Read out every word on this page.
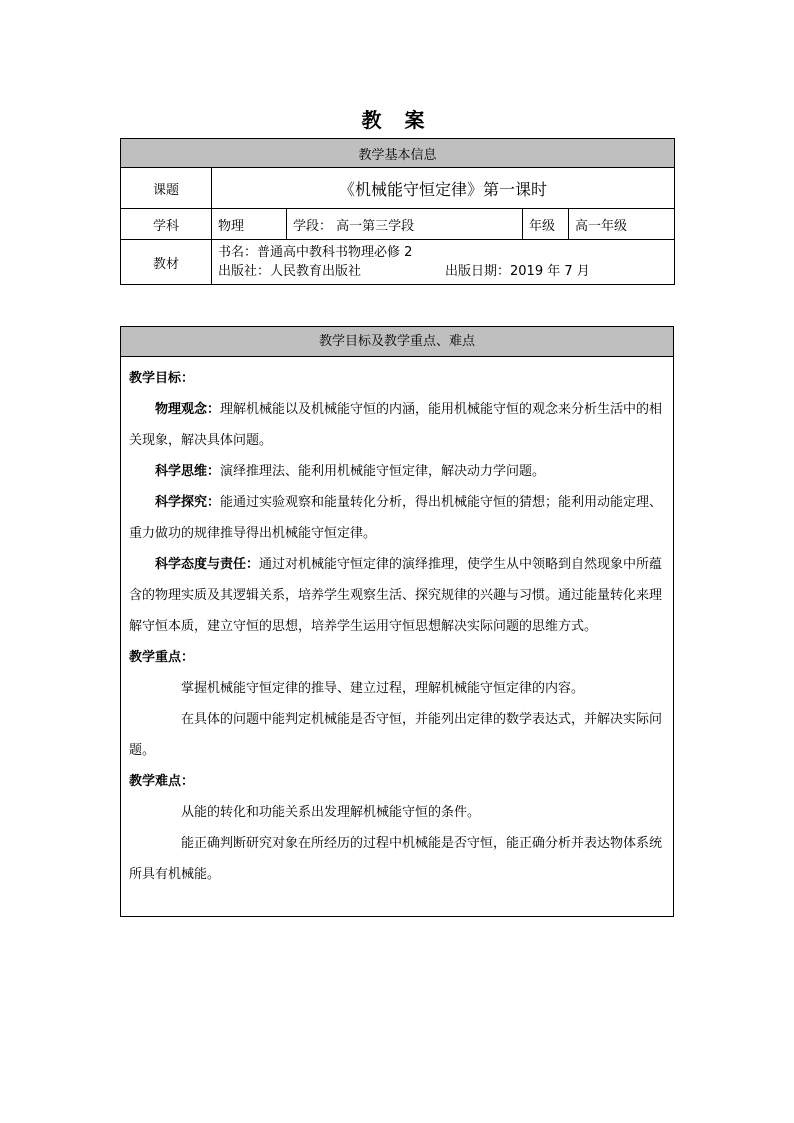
教 案
教学基本信息				
课题	《机械能守恒定律》第一课时			
学科	物理	学段： 高一第三学段	年级	高一年级
教材	书名：普通高中教科书物理必修 2
出版社：人民教育出版社 出版日期：2019 年 7 月			
教学目标及教学重点、难点

教学目标：

物理观念：理解机械能以及机械能守恒的内涵，能用机械能守恒的观念来分析生活中的相关现象，解决具体问题。

科学思维：演绎推理法、能利用机械能守恒定律，解决动力学问题。

科学探究：能通过实验观察和能量转化分析，得出机械能守恒的猜想；能利用动能定理、重力做功的规律推导得出机械能守恒定律。

科学态度与责任：通过对机械能守恒定律的演绎推理，使学生从中领略到自然现象中所蕴含的物理实质及其逻辑关系，培养学生观察生活、探究规律的兴趣与习惯。通过能量转化来理解守恒本质，建立守恒的思想，培养学生运用守恒思想解决实际问题的思维方式。

教学重点：

掌握机械能守恒定律的推导、建立过程，理解机械能守恒定律的内容。

在具体的问题中能判定机械能是否守恒，并能列出定律的数学表达式，并解决实际问题。

教学难点：

从能的转化和功能关系出发理解机械能守恒的条件。

能正确判断研究对象在所经历的过程中机械能是否守恒，能正确分析并表达物体系统所具有机械能。
